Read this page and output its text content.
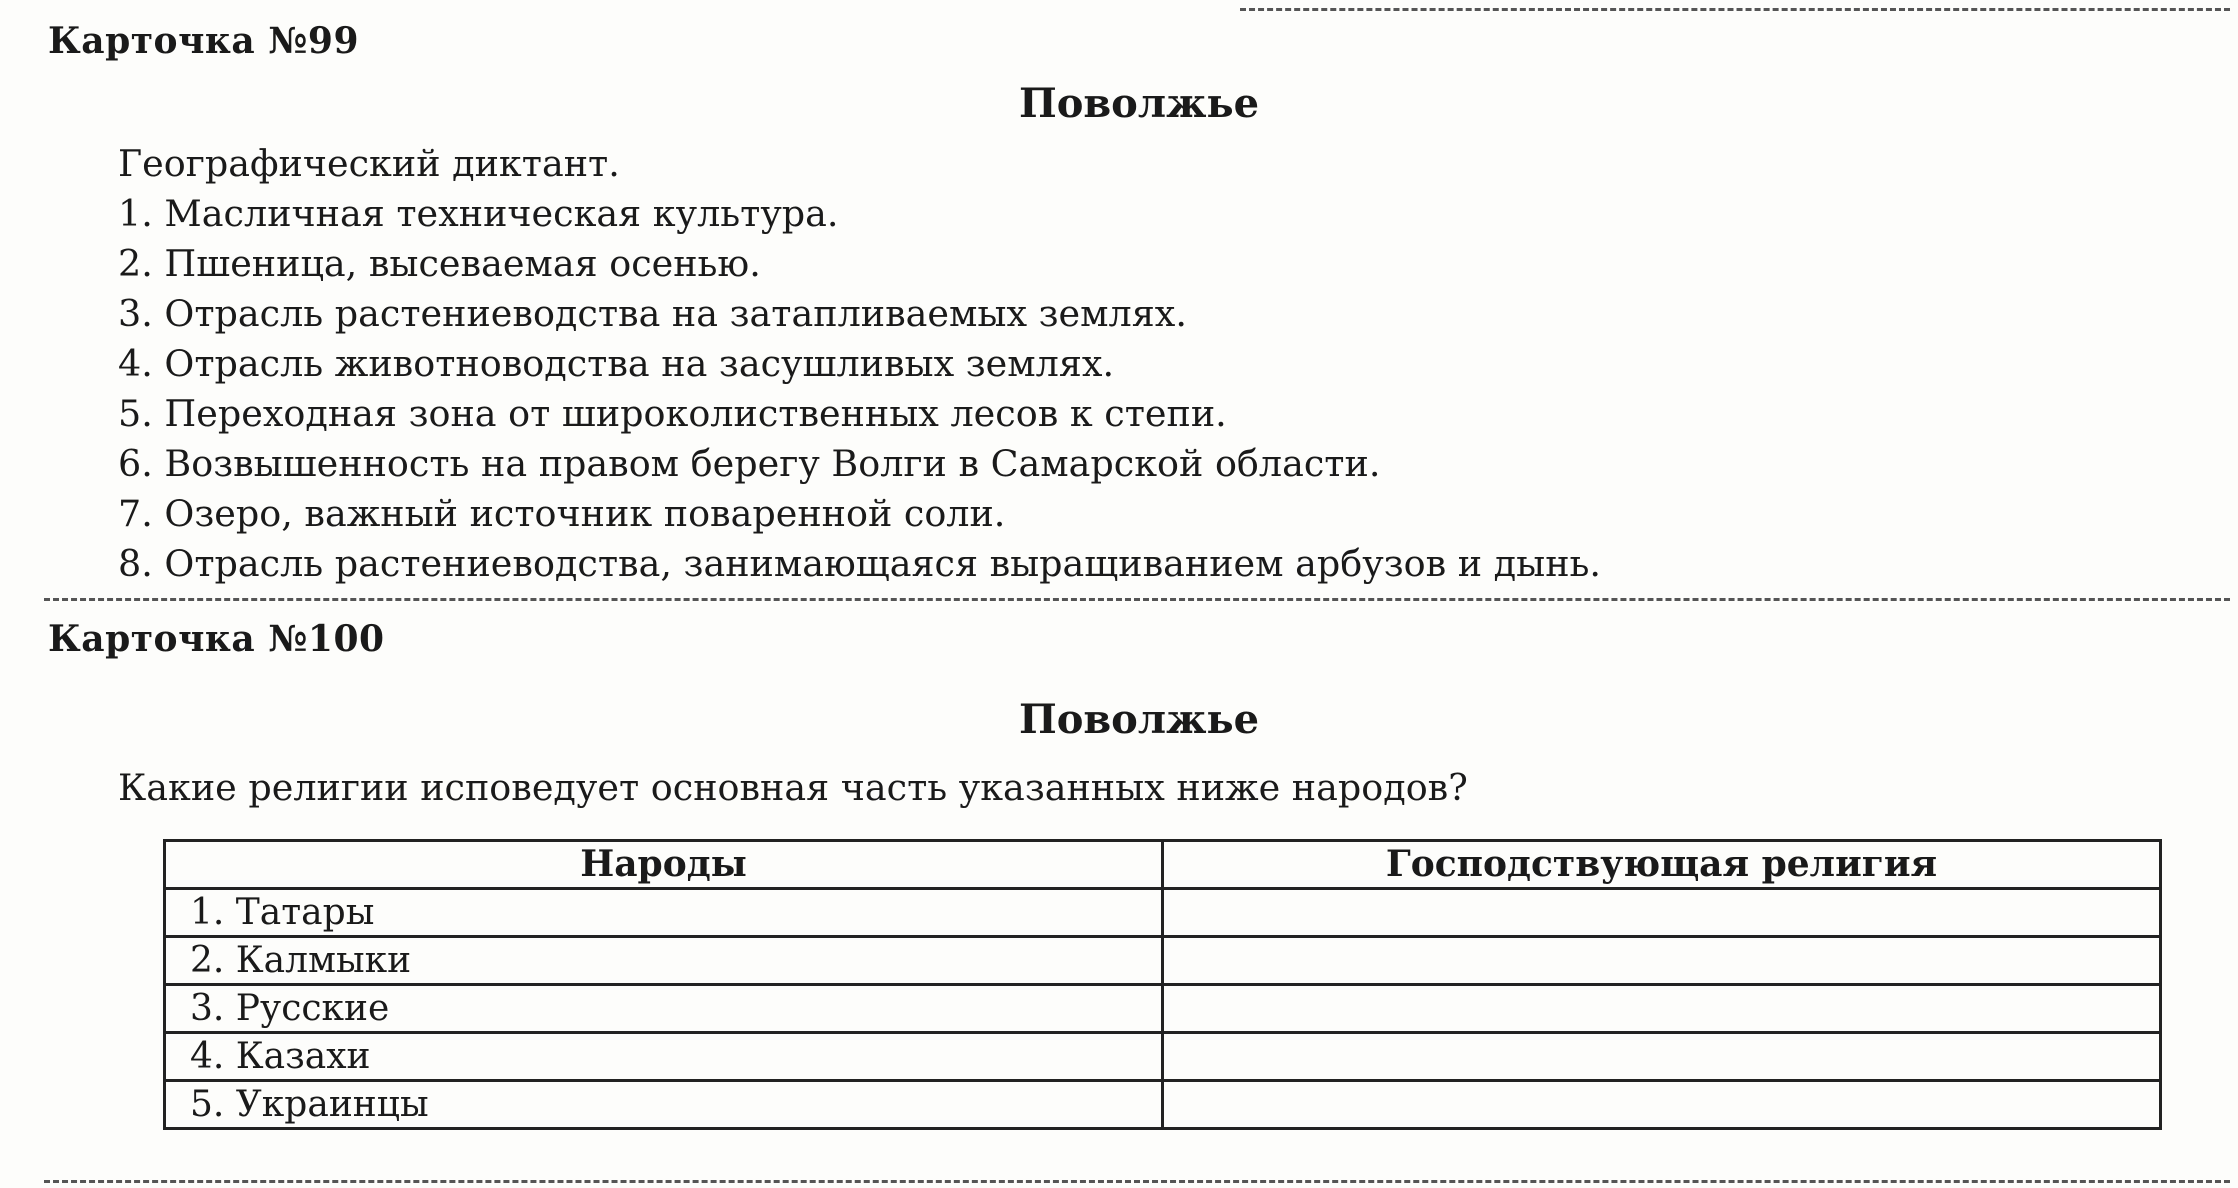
Карточка №99
Поволжье
Географический диктант.
1. Масличная техническая культура.
2. Пшеница, высеваемая осенью.
3. Отрасль растениеводства на затапливаемых землях.
4. Отрасль животноводства на засушливых землях.
5. Переходная зона от широколиственных лесов к степи.
6. Возвышенность на правом берегу Волги в Самарской области.
7. Озеро, важный источник поваренной соли.
8. Отрасль растениеводства, занимающаяся выращиванием арбузов и дынь.
Карточка №100
Поволжье
Какие религии исповедует основная часть указанных ниже народов?
Народы	Господствующая религия
1. Татары	
2. Калмыки	
3. Русские	
4. Казахи	
5. Украинцы	
